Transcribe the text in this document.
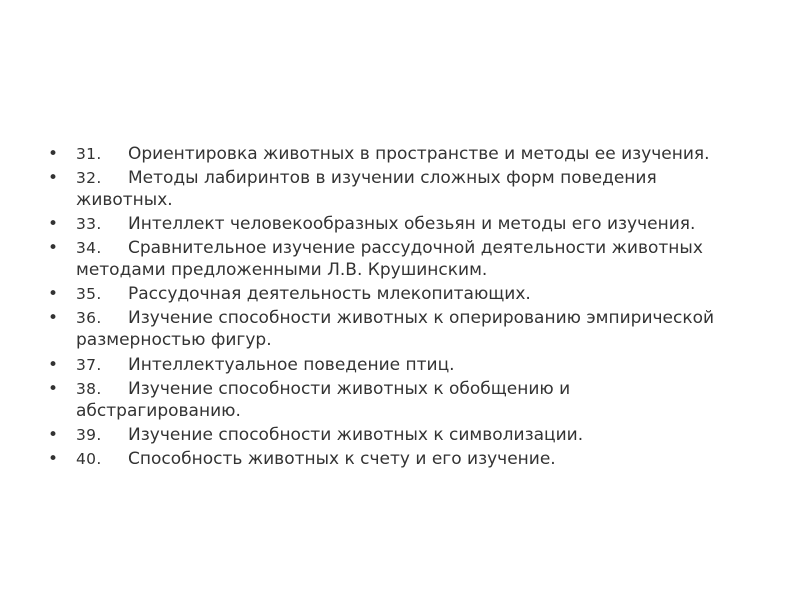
• 31. Ориентировка животных в пространстве и методы ее изучения.
• 32. Методы лабиринтов в изучении сложных форм поведения животных.
• 33. Интеллект человекообразных обезьян и методы его изучения.
• 34. Сравнительное изучение рассудочной деятельности животных методами предложенными Л.В. Крушинским.
• 35. Рассудочная деятельность млекопитающих.
• 36. Изучение способности животных к оперированию эмпирической размерностью фигур.
• 37. Интеллектуальное поведение птиц.
• 38. Изучение способности животных к обобщению и абстрагированию.
• 39. Изучение способности животных к символизации.
• 40. Способность животных к счету и его изучение.
